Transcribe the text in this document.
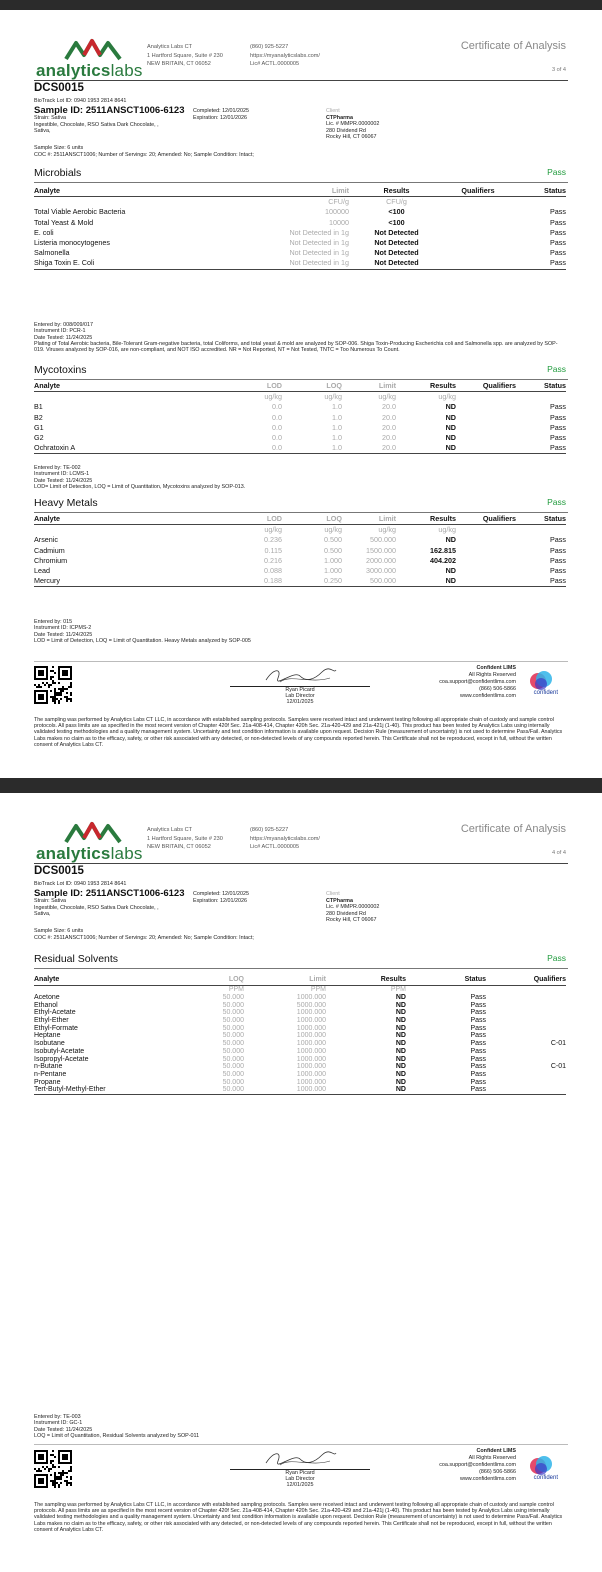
analyticslabs
Analytics Labs CT
1 Hartford Square, Suite # 230
NEW BRITAIN, CT 06052
(860) 925-5227
https://myanalyticslabs.com/
Lic# ACTL.0000005
Certificate of Analysis
3 of 4
DCS0015
BioTrack Lot ID: 0940 1953 2814 8641
Sample ID: 2511ANSCT1006-6123 Completed: 12/01/2025
Expiration: 12/01/2026
Strain: Sativa
Ingestible, Chocolate, RSO Sativa Dark Chocolate, ,
Sativa,
Client
CTPharma
Lic. # MMPR.0000002
280 Dividend Rd
Rocky Hill, CT 06067
Sample Size: 6 units
COC #: 2511ANSCT1006; Number of Servings: 20; Amended: No; Sample Condition: Intact;
Microbials	Pass
Analyte	Limit	Results	Qualifiers	Status
	CFU/g	CFU/g		
Total Viable Aerobic Bacteria	100000	<100		Pass
Total Yeast & Mold	10000	<100		Pass
E. coli	Not Detected in 1g	Not Detected		Pass
Listeria monocytogenes	Not Detected in 1g	Not Detected		Pass
Salmonella	Not Detected in 1g	Not Detected		Pass
Shiga Toxin E. Coli	Not Detected in 1g	Not Detected		Pass
Entered by: 008/009/017
Instrument ID: PCR-1
Date Tested: 11/24/2025
Plating of Total Aerobic bacteria, Bile-Tolerant Gram-negative bacteria, total Coliforms, and total yeast & mold are analyzed by SOP-006. Shiga Toxin-Producing Escherichia coli and Salmonella spp. are analyzed by SOP-019. Viruses analyzed by SOP-016, are non-compliant, and NOT ISO accredited. NR = Not Reported, NT = Not Tested, TNTC = Too Numerous To Count.
Mycotoxins	Pass
Analyte	LOD	LOQ	Limit	Results	Qualifiers	Status
	ug/kg	ug/kg	ug/kg	ug/kg		
B1	0.0	1.0	20.0	ND		Pass
B2	0.0	1.0	20.0	ND		Pass
G1	0.0	1.0	20.0	ND		Pass
G2	0.0	1.0	20.0	ND		Pass
Ochratoxin A	0.0	1.0	20.0	ND		Pass
Entered by: TE-002
Instrument ID: LCMS-1
Date Tested: 11/24/2025
LOD= Limit of Detection, LOQ = Limit of Quantitation, Mycotoxins analyzed by SOP-013.
Heavy Metals	Pass
Analyte	LOD	LOQ	Limit	Results	Qualifiers	Status
	ug/kg	ug/kg	ug/kg	ug/kg		
Arsenic	0.236	0.500	500.000	ND		Pass
Cadmium	0.115	0.500	1500.000	162.815		Pass
Chromium	0.216	1.000	2000.000	404.202		Pass
Lead	0.088	1.000	3000.000	ND		Pass
Mercury	0.188	0.250	500.000	ND		Pass
Entered by: 015
Instrument ID: ICPMS-2
Date Tested: 11/24/2025
LOD = Limit of Detection, LOQ = Limit of Quantitation. Heavy Metals analyzed by SOP-005
Ryan Picard
Lab Director
12/01/2025
Confident LIMS
All Rights Reserved
coa.support@confidentlims.com
(866) 506-5866
www.confidentlims.com	confident
The sampling was performed by Analytics Labs CT LLC, in accordance with established sampling protocols. Samples were received intact and underwent testing following all appropriate chain of custody and sample control protocols. All pass limits are as specified in the most recent version of Chapter 420f Sec. 21a-408-414, Chapter 420h Sec. 21a-420-429 and 21a-421j (1-40). This product has been tested by Analytics Labs using internally validated testing methodologies and a quality management system. Uncertainty and test condition information is available upon request. Decision Rule (measurement of uncertainty) is not used to determine Pass/Fail. Analytics Labs makes no claim as to the efficacy, safety, or other risk associated with any detected, or non-detected levels of any compounds reported herein. This Certificate shall not be reproduced, except in full, without the written consent of Analytics Labs CT.
analyticslabs
Analytics Labs CT
1 Hartford Square, Suite # 230
NEW BRITAIN, CT 06052
(860) 925-5227
https://myanalyticslabs.com/
Lic# ACTL.0000005
Certificate of Analysis
4 of 4
DCS0015
BioTrack Lot ID: 0940 1953 2814 8641
Sample ID: 2511ANSCT1006-6123 Completed: 12/01/2025
Expiration: 12/01/2026
Strain: Sativa
Ingestible, Chocolate, RSO Sativa Dark Chocolate, ,
Sativa,
Client
CTPharma
Lic. # MMPR.0000002
280 Dividend Rd
Rocky Hill, CT 06067
Sample Size: 6 units
COC #: 2511ANSCT1006; Number of Servings: 20; Amended: No; Sample Condition: Intact;
Residual Solvents	Pass
Analyte	LOQ	Limit	Results	Status	Qualifiers
	PPM	PPM	PPM		
Acetone	50.000	1000.000	ND	Pass	
Ethanol	50.000	5000.000	ND	Pass	
Ethyl-Acetate	50.000	1000.000	ND	Pass	
Ethyl-Ether	50.000	1000.000	ND	Pass	
Ethyl-Formate	50.000	1000.000	ND	Pass	
Heptane	50.000	1000.000	ND	Pass	
Isobutane	50.000	1000.000	ND	Pass	C-01
Isobutyl-Acetate	50.000	1000.000	ND	Pass	
Isopropyl-Acetate	50.000	1000.000	ND	Pass	
n-Butane	50.000	1000.000	ND	Pass	C-01
n-Pentane	50.000	1000.000	ND	Pass	
Propane	50.000	1000.000	ND	Pass	
Tert-Butyl-Methyl-Ether	50.000	1000.000	ND	Pass	
Entered by: TE-003
Instrument ID: GC-1
Date Tested: 11/24/2025
LOQ = Limit of Quantitation, Residual Solvents analyzed by SOP-011
Ryan Picard
Lab Director
12/01/2025
Confident LIMS
All Rights Reserved
coa.support@confidentlims.com
(866) 506-5866
www.confidentlims.com	confident
The sampling was performed by Analytics Labs CT LLC, in accordance with established sampling protocols. Samples were received intact and underwent testing following all appropriate chain of custody and sample control protocols. All pass limits are as specified in the most recent version of Chapter 420f Sec. 21a-408-414, Chapter 420h Sec. 21a-420-429 and 21a-421j (1-40). This product has been tested by Analytics Labs using internally validated testing methodologies and a quality management system. Uncertainty and test condition information is available upon request. Decision Rule (measurement of uncertainty) is not used to determine Pass/Fail. Analytics Labs makes no claim as to the efficacy, safety, or other risk associated with any detected, or non-detected levels of any compounds reported herein. This Certificate shall not be reproduced, except in full, without the written consent of Analytics Labs CT.
